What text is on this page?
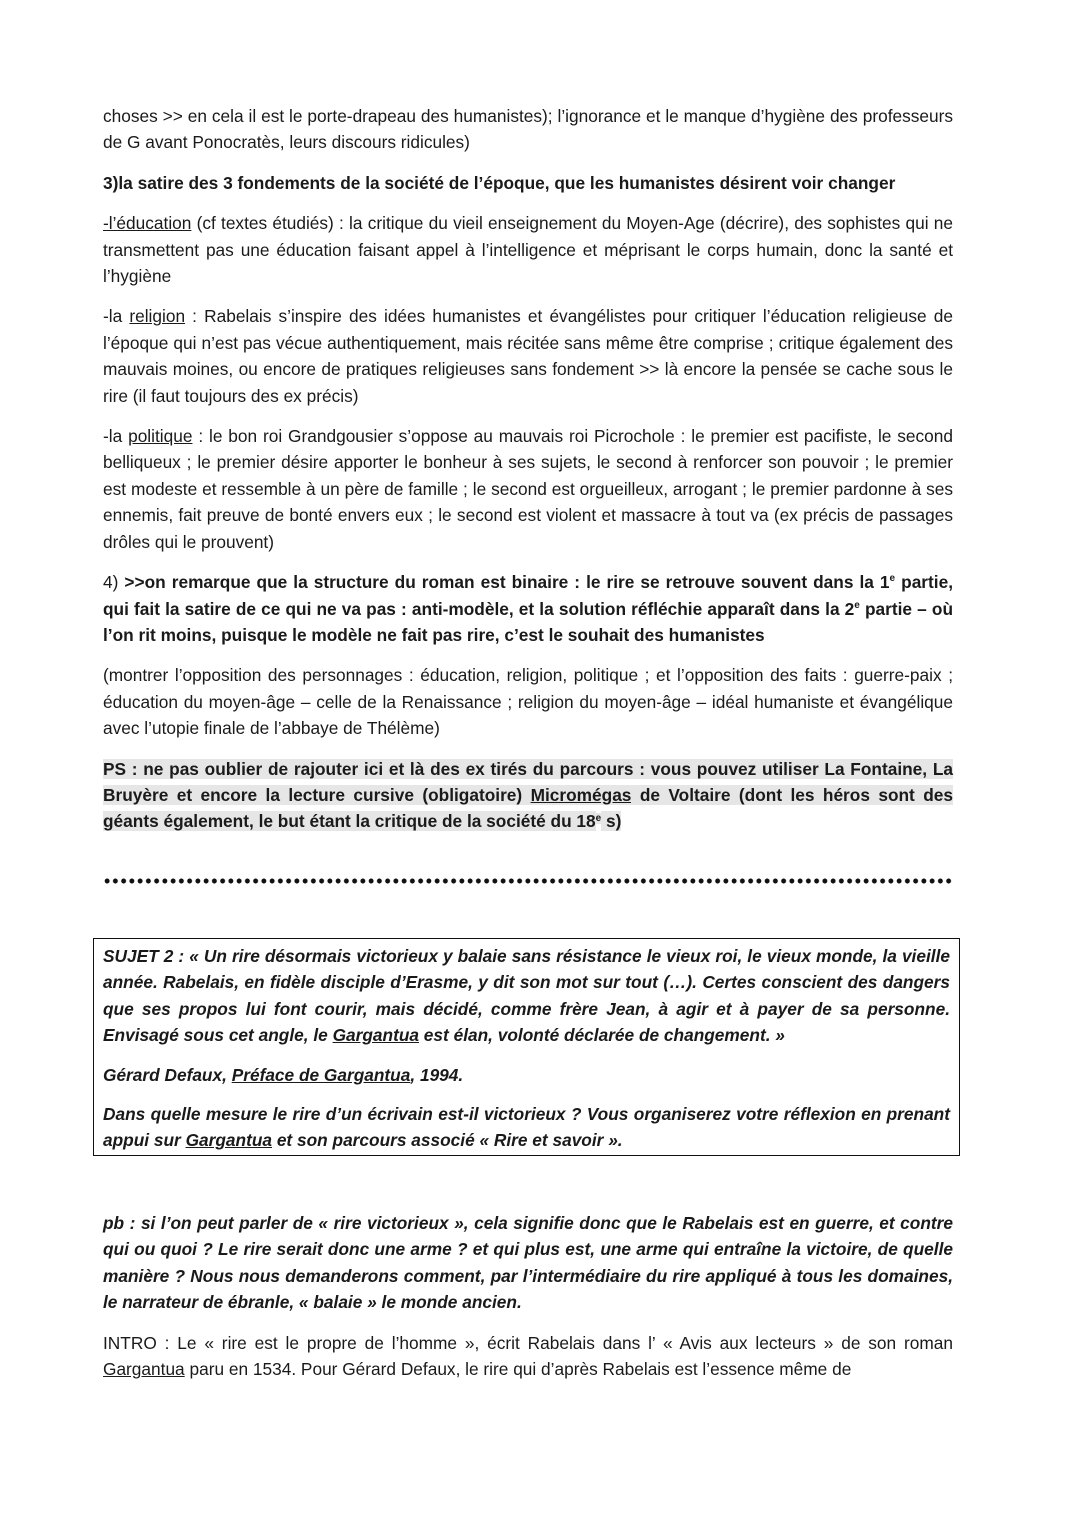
choses >> en cela il est le porte-drapeau des humanistes); l’ignorance et le manque d’hygiène des professeurs de G avant Ponocratès, leurs discours ridicules)

3)la satire des 3 fondements de la société de l’époque, que les humanistes désirent voir changer

-l’éducation (cf textes étudiés) : la critique du vieil enseignement du Moyen-Age (décrire), des sophistes qui ne transmettent pas une éducation faisant appel à l’intelligence et méprisant le corps humain, donc la santé et l’hygiène

-la religion : Rabelais s’inspire des idées humanistes et évangélistes pour critiquer l’éducation religieuse de l’époque qui n’est pas vécue authentiquement, mais récitée sans même être comprise ; critique également des mauvais moines, ou encore de pratiques religieuses sans fondement >> là encore la pensée se cache sous le rire (il faut toujours des ex précis)

-la politique : le bon roi Grandgousier s’oppose au mauvais roi Picrochole : le premier est pacifiste, le second belliqueux ; le premier désire apporter le bonheur à ses sujets, le second à renforcer son pouvoir ; le premier est modeste et ressemble à un père de famille ; le second est orgueilleux, arrogant ; le premier pardonne à ses ennemis, fait preuve de bonté envers eux ; le second est violent et massacre à tout va (ex précis de passages drôles qui le prouvent)

4) >>on remarque que la structure du roman est binaire : le rire se retrouve souvent dans la 1e partie, qui fait la satire de ce qui ne va pas : anti-modèle, et la solution réfléchie apparaît dans la 2e partie – où l’on rit moins, puisque le modèle ne fait pas rire, c’est le souhait des humanistes

(montrer l’opposition des personnages : éducation, religion, politique ; et l’opposition des faits : guerre-paix ; éducation du moyen-âge – celle de la Renaissance ; religion du moyen-âge – idéal humaniste et évangélique avec l’utopie finale de l’abbaye de Thélème)

PS : ne pas oublier de rajouter ici et là des ex tirés du parcours : vous pouvez utiliser La Fontaine, La Bruyère et encore la lecture cursive (obligatoire) Micromégas de Voltaire (dont les héros sont des géants également, le but étant la critique de la société du 18e s)

SUJET 2 : « Un rire désormais victorieux y balaie sans résistance le vieux roi, le vieux monde, la vieille année. Rabelais, en fidèle disciple d’Erasme, y dit son mot sur tout (…). Certes conscient des dangers que ses propos lui font courir, mais décidé, comme frère Jean, à agir et à payer de sa personne. Envisagé sous cet angle, le Gargantua est élan, volonté déclarée de changement. »

Gérard Defaux, Préface de Gargantua, 1994.

Dans quelle mesure le rire d’un écrivain est-il victorieux ? Vous organiserez votre réflexion en prenant appui sur Gargantua et son parcours associé « Rire et savoir ».

pb : si l’on peut parler de « rire victorieux », cela signifie donc que le Rabelais est en guerre, et contre qui ou quoi ? Le rire serait donc une arme ? et qui plus est, une arme qui entraîne la victoire, de quelle manière ? Nous nous demanderons comment, par l’intermédiaire du rire appliqué à tous les domaines, le narrateur de ébranle, « balaie » le monde ancien.

INTRO : Le « rire est le propre de l’homme », écrit Rabelais dans l’ « Avis aux lecteurs » de son roman Gargantua paru en 1534. Pour Gérard Defaux, le rire qui d’après Rabelais est l’essence même de
